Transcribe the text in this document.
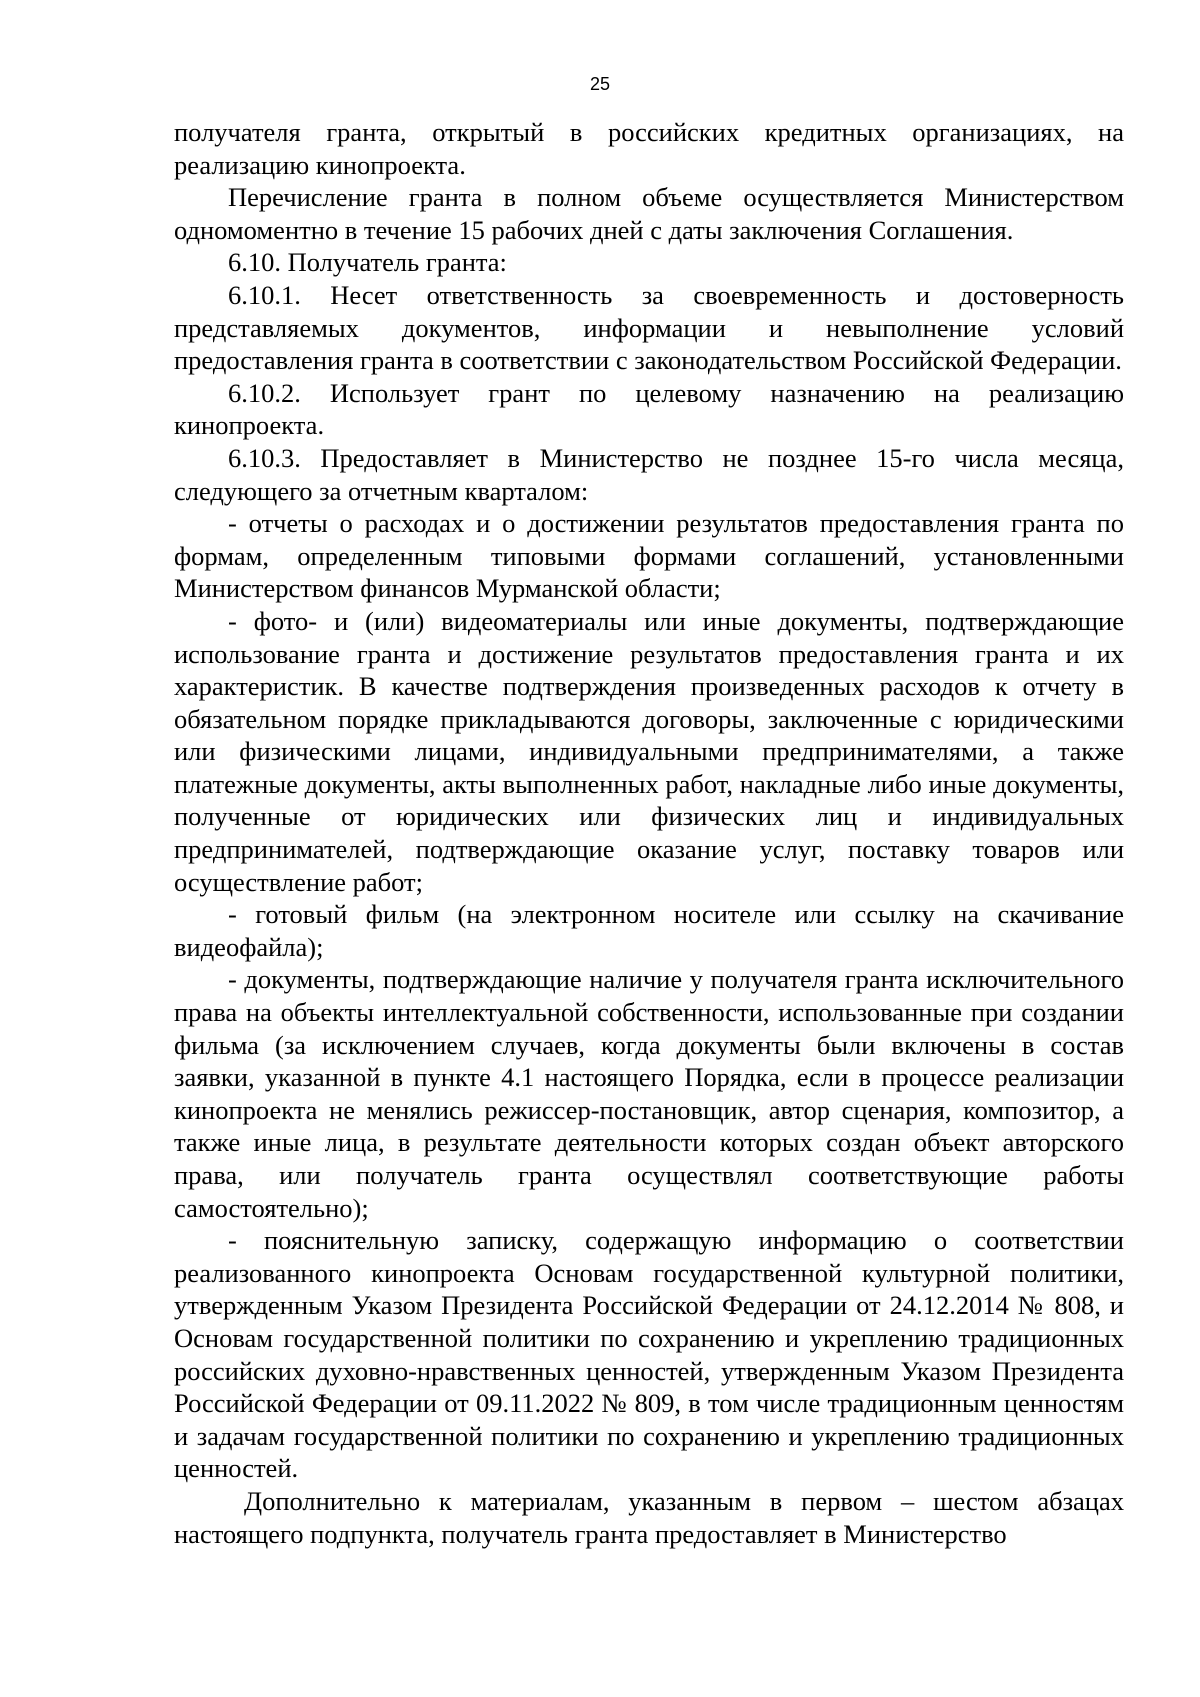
25

получателя гранта, открытый в российских кредитных организациях, на реализацию кинопроекта.

Перечисление гранта в полном объеме осуществляется Министерством одномоментно в течение 15 рабочих дней с даты заключения Соглашения.

6.10. Получатель гранта:

6.10.1. Несет ответственность за своевременность и достоверность представляемых документов, информации и невыполнение условий предоставления гранта в соответствии с законодательством Российской Федерации.

6.10.2. Использует грант по целевому назначению на реализацию кинопроекта.

6.10.3. Предоставляет в Министерство не позднее 15-го числа месяца, следующего за отчетным кварталом:

- отчеты о расходах и о достижении результатов предоставления гранта по формам, определенным типовыми формами соглашений, установленными Министерством финансов Мурманской области;

- фото- и (или) видеоматериалы или иные документы, подтверждающие использование гранта и достижение результатов предоставления гранта и их характеристик. В качестве подтверждения произведенных расходов к отчету в обязательном порядке прикладываются договоры, заключенные с юридическими или физическими лицами, индивидуальными предпринимателями, а также платежные документы, акты выполненных работ, накладные либо иные документы, полученные от юридических или физических лиц и индивидуальных предпринимателей, подтверждающие оказание услуг, поставку товаров или осуществление работ;

- готовый фильм (на электронном носителе или ссылку на скачивание видеофайла);

- документы, подтверждающие наличие у получателя гранта исключительного права на объекты интеллектуальной собственности, использованные при создании фильма (за исключением случаев, когда документы были включены в состав заявки, указанной в пункте 4.1 настоящего Порядка, если в процессе реализации кинопроекта не менялись режиссер-постановщик, автор сценария, композитор, а также иные лица, в результате деятельности которых создан объект авторского права, или получатель гранта осуществлял соответствующие работы самостоятельно);

- пояснительную записку, содержащую информацию о соответствии реализованного кинопроекта Основам государственной культурной политики, утвержденным Указом Президента Российской Федерации от 24.12.2014 № 808, и Основам государственной политики по сохранению и укреплению традиционных российских духовно-нравственных ценностей, утвержденным Указом Президента Российской Федерации от 09.11.2022 № 809, в том числе традиционным ценностям и задачам государственной политики по сохранению и укреплению традиционных ценностей.

Дополнительно к материалам, указанным в первом – шестом абзацах настоящего подпункта, получатель гранта предоставляет в Министерство
